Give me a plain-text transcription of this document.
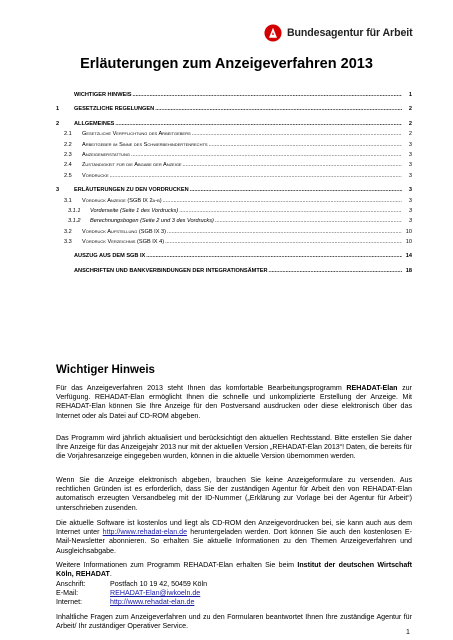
Bundesagentur für Arbeit
Erläuterungen zum Anzeigeverfahren 2013
WICHTIGER HINWEIS .....	1
1	GESETZLICHE REGELUNGEN .....	2
2	ALLGEMEINES .....	2
2.1 Gesetzliche Verpflichtung des Arbeitgebers .....	2
2.2 Arbeitgeber im Sinne des Schwerbehindertenrechts .....	3
2.3 Anzeigenerstattung .....	3
2.4 Zuständigkeit für die Abgabe der Anzeige .....	3
2.5 Vordrucke .....	3
3	ERLÄUTERUNGEN ZU DEN VORDRUCKEN .....	3
3.1 Vordruck Anzeige (SGB IX 2a-b) .....	3
3.1.1 Vorderseite (Seite 1 des Vordrucks) .....	3
3.1.2 Berechnungsbogen (Seite 2 und 3 des Vordrucks) .....	3
3.2 Vordruck Aufstellung (SGB IX 3) .....	10
3.3 Vordruck Verzeichnis (SGB IX 4) .....	10
AUSZUG AUS DEM SGB IX .....	14
ANSCHRIFTEN UND BANKVERBINDUNGEN DER INTEGRATIONSÄMTER .....	18
Wichtiger Hinweis
Für das Anzeigeverfahren 2013 steht Ihnen das komfortable Bearbeitungsprogramm REHADAT-Elan zur Verfügung. REHADAT-Elan ermöglicht Ihnen die schnelle und unkomplizierte Erstellung der Anzeige. Mit REHADAT-Elan können Sie Ihre Anzeige für den Postversand ausdrucken oder diese elektronisch über das Internet oder als Datei auf CD-ROM abgeben.
Das Programm wird jährlich aktualisiert und berücksichtigt den aktuellen Rechtsstand. Bitte erstellen Sie daher Ihre Anzeige für das Anzeigejahr 2013 nur mit der aktuellen Version „REHADAT-Elan 2013“! Daten, die bereits für die Vorjahresanzeige eingegeben wurden, können in die aktuelle Version übernommen werden.
Wenn Sie die Anzeige elektronisch abgeben, brauchen Sie keine Anzeigeformulare zu versenden. Aus rechtlichen Gründen ist es erforderlich, dass Sie der zuständigen Agentur für Arbeit den von REHADAT-Elan automatisch erzeugten Versandbeleg mit der ID-Nummer („Erklärung zur Vorlage bei der Agentur für Arbeit“) unterschrieben zusenden.
Die aktuelle Software ist kostenlos und liegt als CD-ROM den Anzeigevordrucken bei, sie kann auch aus dem Internet unter http://www.rehadat-elan.de heruntergeladen werden. Dort können Sie auch den kostenlosen E-Mail-Newsletter abonnieren. So erhalten Sie aktuelle Informationen zu den Themen Anzeigeverfahren und Ausgleichsabgabe.
Weitere Informationen zum Programm REHADAT-Elan erhalten Sie beim Institut der deutschen Wirtschaft Köln, REHADAT.
Anschrift:	Postfach 10 19 42, 50459 Köln
E-Mail:	REHADAT-Elan@iwkoeln.de
Internet:	http://www.rehadat-elan.de
Inhaltliche Fragen zum Anzeigeverfahren und zu den Formularen beantwortet Ihnen Ihre zuständige Agentur für Arbeit/ Ihr zuständiger Operativer Service.
1
